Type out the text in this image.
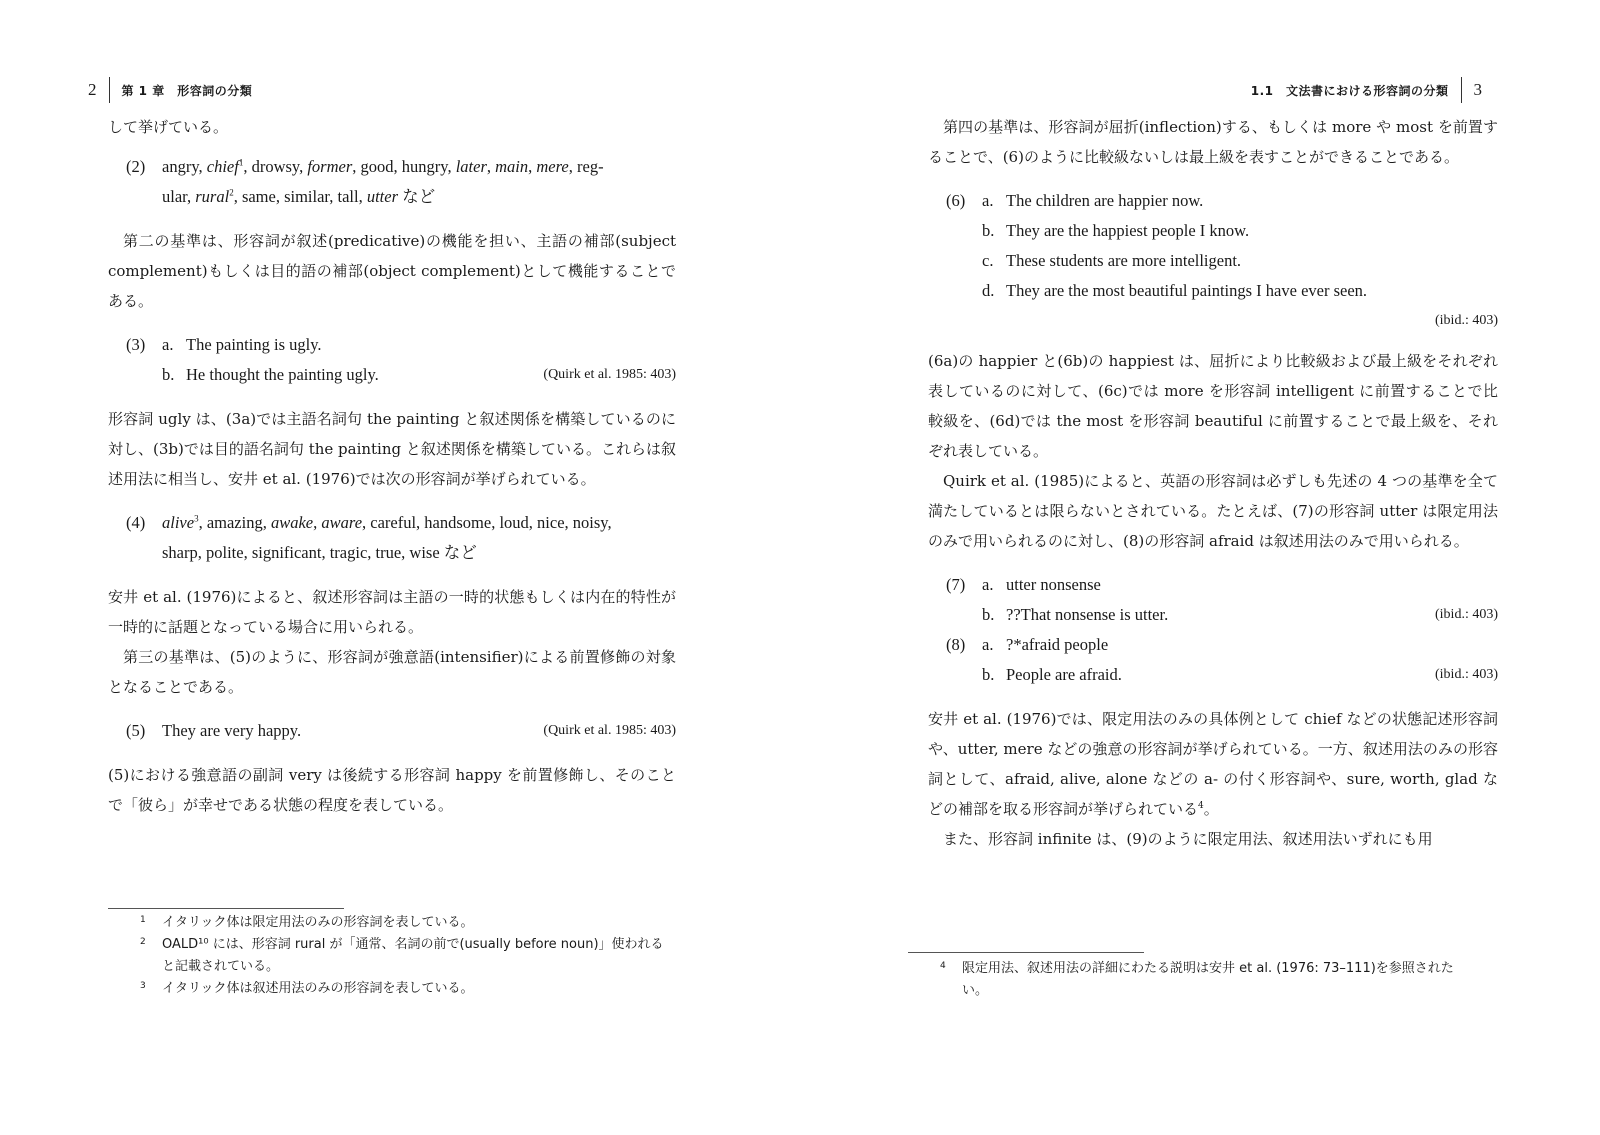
2 第 1 章　形容詞の分類

して挙げている。

(2)	angry, chief$^1$, drowsy, former, good, hungry, later, main, mere, reg-
ular, rural$^2$, same, similar, tall, utter など

第二の基準は、形容詞が叙述(predicative)の機能を担い、主語の補部(subject complement)もしくは目的語の補部(object complement)として機能することである。

(3)	a. The painting is ugly.
b. He thought the painting ugly.	(Quirk et al. 1985: 403)

形容詞 ugly は、(3a)では主語名詞句 the painting と叙述関係を構築しているのに対し、(3b)では目的語名詞句 the painting と叙述関係を構築している。これらは叙述用法に相当し、安井 et al. (1976)では次の形容詞が挙げられている。

(4)	alive$^3$, amazing, awake, aware, careful, handsome, loud, nice, noisy,
sharp, polite, significant, tragic, true, wise など

安井 et al. (1976)によると、叙述形容詞は主語の一時的状態もしくは内在的特性が一時的に話題となっている場合に用いられる。

第三の基準は、(5)のように、形容詞が強意語(intensifier)による前置修飾の対象となることである。

(5)	They are very happy.	(Quirk et al. 1985: 403)

(5)における強意語の副詞 very は後続する形容詞 happy を前置修飾し、そのことで「彼ら」が幸せである状態の程度を表している。

1 イタリック体は限定用法のみの形容詞を表している。
2 OALD¹⁰ には、形容詞 rural が「通常、名詞の前で(usually before noun)」使われると記載されている。
3 イタリック体は叙述用法のみの形容詞を表している。
1.1　文法書における形容詞の分類 3

第四の基準は、形容詞が屈折(inflection)する、もしくは more や most を前置することで、(6)のように比較級ないしは最上級を表すことができることである。

(6)	a. The children are happier now.
b. They are the happiest people I know.
c. These students are more intelligent.
d. They are the most beautiful paintings I have ever seen.
(ibid.: 403)

(6a)の happier と(6b)の happiest は、屈折により比較級および最上級をそれぞれ表しているのに対して、(6c)では more を形容詞 intelligent に前置することで比較級を、(6d)では the most を形容詞 beautiful に前置することで最上級を、それぞれ表している。

Quirk et al. (1985)によると、英語の形容詞は必ずしも先述の 4 つの基準を全て満たしているとは限らないとされている。たとえば、(7)の形容詞 utter は限定用法のみで用いられるのに対し、(8)の形容詞 afraid は叙述用法のみで用いられる。

(7)	a. utter nonsense
b. ??That nonsense is utter.	(ibid.: 403)
(8)	a. ?*afraid people
b. People are afraid.	(ibid.: 403)

安井 et al. (1976)では、限定用法のみの具体例として chief などの状態記述形容詞や、utter, mere などの強意の形容詞が挙げられている。一方、叙述用法のみの形容詞として、afraid, alive, alone などの a- の付く形容詞や、sure, worth, glad などの補部を取る形容詞が挙げられている$^4$。

また、形容詞 infinite は、(9)のように限定用法、叙述用法いずれにも用

4 限定用法、叙述用法の詳細にわたる説明は安井 et al. (1976: 73–111)を参照されたい。
